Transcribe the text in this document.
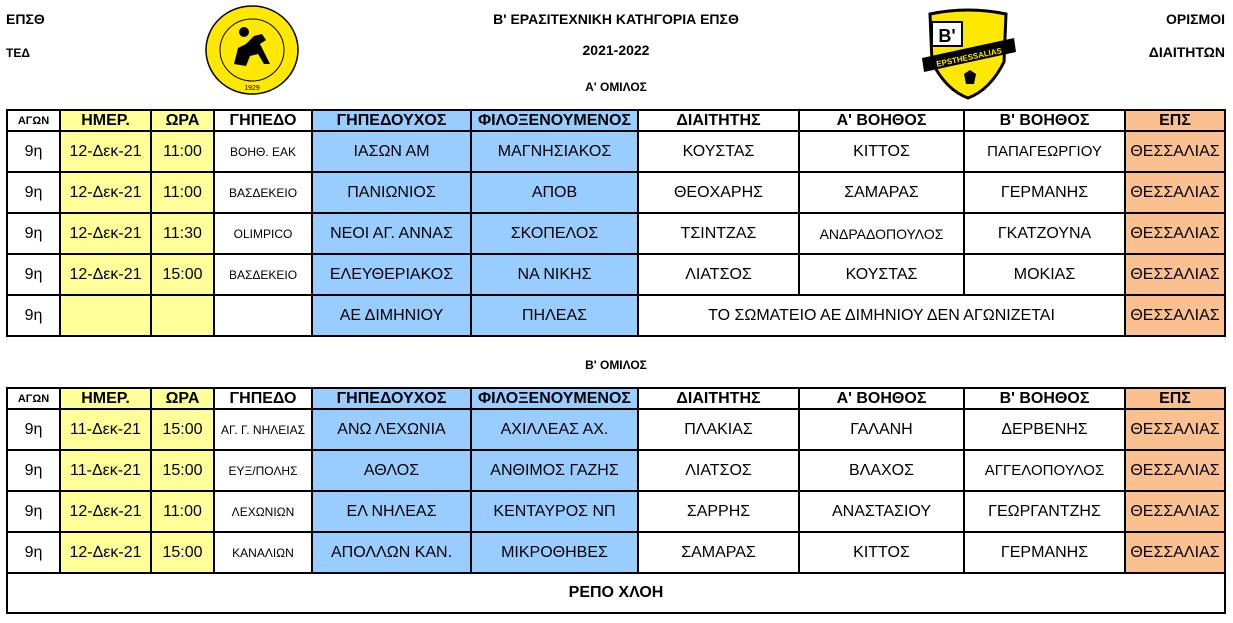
ΕΠΣΘ
ΤΕΔ
Β' ΕΡΑΣΙΤΕΧΝΙΚΗ ΚΑΤΗΓΟΡΙΑ ΕΠΣΘ
2021-2022
Α' ΟΜΙΛΟΣ
ΟΡΙΣΜΟΙ
ΔΙΑΙΤΗΤΩΝ
1929
Β'
EPSTHESSALIAS
ΑΓΩΝ	ΗΜΕΡ.	ΩΡΑ	ΓΗΠΕΔΟ	ΓΗΠΕΔΟΥΧΟΣ	ΦΙΛΟΞΕΝΟΥΜΕΝΟΣ	ΔΙΑΙΤΗΤΗΣ	Α' ΒΟΗΘΟΣ	Β' ΒΟΗΘΟΣ	ΕΠΣ
9η	12-Δεκ-21	11:00	ΒΟΗΘ. ΕΑΚ	ΙΑΣΩΝ ΑΜ	ΜΑΓΝΗΣΙΑΚΟΣ	ΚΟΥΣΤΑΣ	ΚΙΤΤΟΣ	ΠΑΠΑΓΕΩΡΓΙΟΥ	ΘΕΣΣΑΛΙΑΣ
9η	12-Δεκ-21	11:00	ΒΑΣΔΕΚΕΙΟ	ΠΑΝΙΩΝΙΟΣ	ΑΠΟΒ	ΘΕΟΧΑΡΗΣ	ΣΑΜΑΡΑΣ	ΓΕΡΜΑΝΗΣ	ΘΕΣΣΑΛΙΑΣ
9η	12-Δεκ-21	11:30	OLIMPICO	ΝΕΟΙ ΑΓ. ΑΝΝΑΣ	ΣΚΟΠΕΛΟΣ	ΤΣΙΝΤΖΑΣ	ΑΝΔΡΑΔΟΠΟΥΛΟΣ	ΓΚΑΤΖΟΥΝΑ	ΘΕΣΣΑΛΙΑΣ
9η	12-Δεκ-21	15:00	ΒΑΣΔΕΚΕΙΟ	ΕΛΕΥΘΕΡΙΑΚΟΣ	ΝΑ ΝΙΚΗΣ	ΛΙΑΤΣΟΣ	ΚΟΥΣΤΑΣ	ΜΟΚΙΑΣ	ΘΕΣΣΑΛΙΑΣ
9η				ΑΕ ΔΙΜΗΝΙΟΥ	ΠΗΛΕΑΣ	ΤΟ ΣΩΜΑΤΕΙΟ ΑΕ ΔΙΜΗΝΙΟΥ ΔΕΝ ΑΓΩΝΙΖΕΤΑΙ			ΘΕΣΣΑΛΙΑΣ
Β' ΟΜΙΛΟΣ
ΑΓΩΝ	ΗΜΕΡ.	ΩΡΑ	ΓΗΠΕΔΟ	ΓΗΠΕΔΟΥΧΟΣ	ΦΙΛΟΞΕΝΟΥΜΕΝΟΣ	ΔΙΑΙΤΗΤΗΣ	Α' ΒΟΗΘΟΣ	Β' ΒΟΗΘΟΣ	ΕΠΣ
9η	11-Δεκ-21	15:00	ΑΓ. Γ. ΝΗΛΕΙΑΣ	ΑΝΩ ΛΕΧΩΝΙΑ	ΑΧΙΛΛΕΑΣ ΑΧ.	ΠΛΑΚΙΑΣ	ΓΑΛΑΝΗ	ΔΕΡΒΕΝΗΣ	ΘΕΣΣΑΛΙΑΣ
9η	11-Δεκ-21	15:00	ΕΥΞ/ΠΟΛΗΣ	ΑΘΛΟΣ	ΑΝΘΙΜΟΣ ΓΑΖΗΣ	ΛΙΑΤΣΟΣ	ΒΛΑΧΟΣ	ΑΓΓΕΛΟΠΟΥΛΟΣ	ΘΕΣΣΑΛΙΑΣ
9η	12-Δεκ-21	11:00	ΛΕΧΩΝΙΩΝ	ΕΛ ΝΗΛΕΑΣ	ΚΕΝΤΑΥΡΟΣ ΝΠ	ΣΑΡΡΗΣ	ΑΝΑΣΤΑΣΙΟΥ	ΓΕΩΡΓΑΝΤΖΗΣ	ΘΕΣΣΑΛΙΑΣ
9η	12-Δεκ-21	15:00	ΚΑΝΑΛΙΩΝ	ΑΠΟΛΛΩΝ ΚΑΝ.	ΜΙΚΡΟΘΗΒΕΣ	ΣΑΜΑΡΑΣ	ΚΙΤΤΟΣ	ΓΕΡΜΑΝΗΣ	ΘΕΣΣΑΛΙΑΣ
ΡΕΠΟ ΧΛΟΗ									
